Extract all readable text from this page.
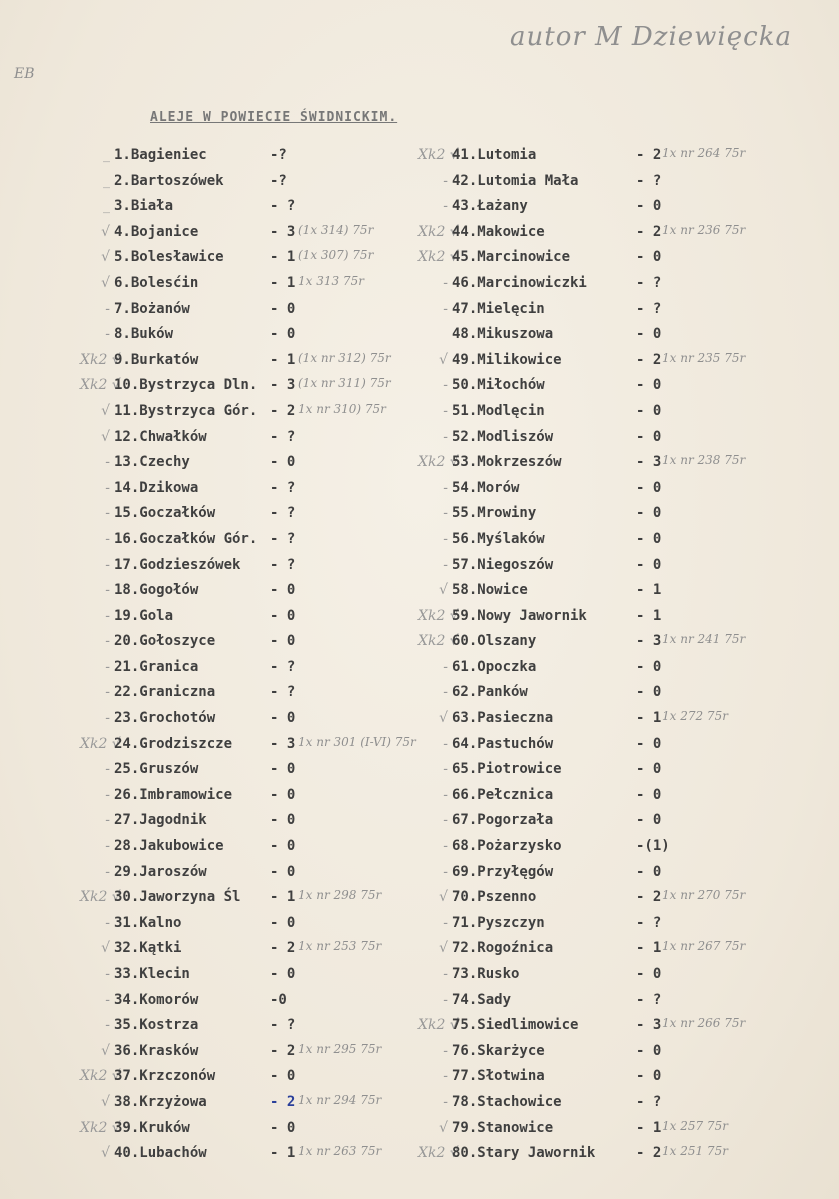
autor M Dziewięcka
EB
ALEJE W POWIECIE ŚWIDNICKIM.
_ 1.Bagieniec	-?
_ 2.Bartoszówek	-?
_ 3.Biała	- ?
√ 4.Bojanice	- 3 (1x 314) 75r
√ 5.Bolesławice	- 1 (1x 307) 75r
√ 6.Bolesćin	- 1 1x 313 75r
- 7.Bożanów	- 0
- 8.Buków	- 0
Xk2 √
9.Burkatów	- 1 (1x nr 312) 75r
Xk2 √
10.Bystrzyca Dln. - 3 (1x nr 311) 75r
√ 11.Bystrzyca Gór. - 2 1x nr 310) 75r
√ 12.Chwałków	- ?
- 13.Czechy	- 0
- 14.Dzikowa	- ?
- 15.Goczałków	- ?
- 16.Goczałków Gór. - ?
- 17.Godzieszówek - ?
- 18.Gogołów	- 0
- 19.Gola	- 0
- 20.Gołoszyce	- 0
- 21.Granica	- ?
- 22.Graniczna	- ?
- 23.Grochotów	- 0
Xk2 √
24.Grodziszcze	- 3 1x nr 301 (I-VI) 75r
- 25.Gruszów	- 0
- 26.Imbramowice	- 0
- 27.Jagodnik	- 0
- 28.Jakubowice	- 0
- 29.Jaroszów	- 0
Xk2 √
30.Jaworzyna Śl - 1 1x nr 298 75r
- 31.Kalno	- 0
√ 32.Kątki	- 2 1x nr 253 75r
- 33.Klecin	- 0
- 34.Komorów	-0
- 35.Kostrza	- ?
√ 36.Krasków	- 2 1x nr 295 75r
Xk2 √
37.Krzczonów	- 0
√ 38.Krzyżowa	- 2 1x nr 294 75r
Xk2 √
39.Kruków	- 0
√ 40.Lubachów	- 1 1x nr 263 75r
Xk2 √
41.Lutomia	- 2 1x nr 264 75r
- 42.Lutomia Mała	- ?
- 43.Łażany	- 0
Xk2 √
44.Makowice	- 2 1x nr 236 75r
Xk2 √
45.Marcinowice	- 0
- 46.Marcinowiczki	- ?
- 47.Mielęcin	- ?
48.Mikuszowa	- 0
√ 49.Milikowice	- 2 1x nr 235 75r
- 50.Miłochów	- 0
- 51.Modlęcin	- 0
- 52.Modliszów	- 0
Xk2 √
53.Mokrzeszów	- 3 1x nr 238 75r
- 54.Morów	- 0
- 55.Mrowiny	- 0
- 56.Myślaków	- 0
- 57.Niegoszów	- 0
√ 58.Nowice	- 1
Xk2 √
59.Nowy Jawornik	- 1
Xk2 √
60.Olszany	- 3 1x nr 241 75r
- 61.Opoczka	- 0
- 62.Panków	- 0
√ 63.Pasieczna	- 1 1x 272 75r
- 64.Pastuchów	- 0
- 65.Piotrowice	- 0
- 66.Pełcznica	- 0
- 67.Pogorzała	- 0
- 68.Pożarzysko	-(1)
- 69.Przyłęgów	- 0
√ 70.Pszenno	- 2 1x nr 270 75r
- 71.Pyszczyn	- ?
√ 72.Rogoźnica	- 1 1x nr 267 75r
- 73.Rusko	- 0
- 74.Sady	- ?
Xk2 √
75.Siedlimowice	- 3 1x nr 266 75r
- 76.Skarżyce	- 0
- 77.Słotwina	- 0
- 78.Stachowice	- ?
√ 79.Stanowice	- 1 1x 257 75r
Xk2 √
80.Stary Jawornik	- 2 1x 251 75r
